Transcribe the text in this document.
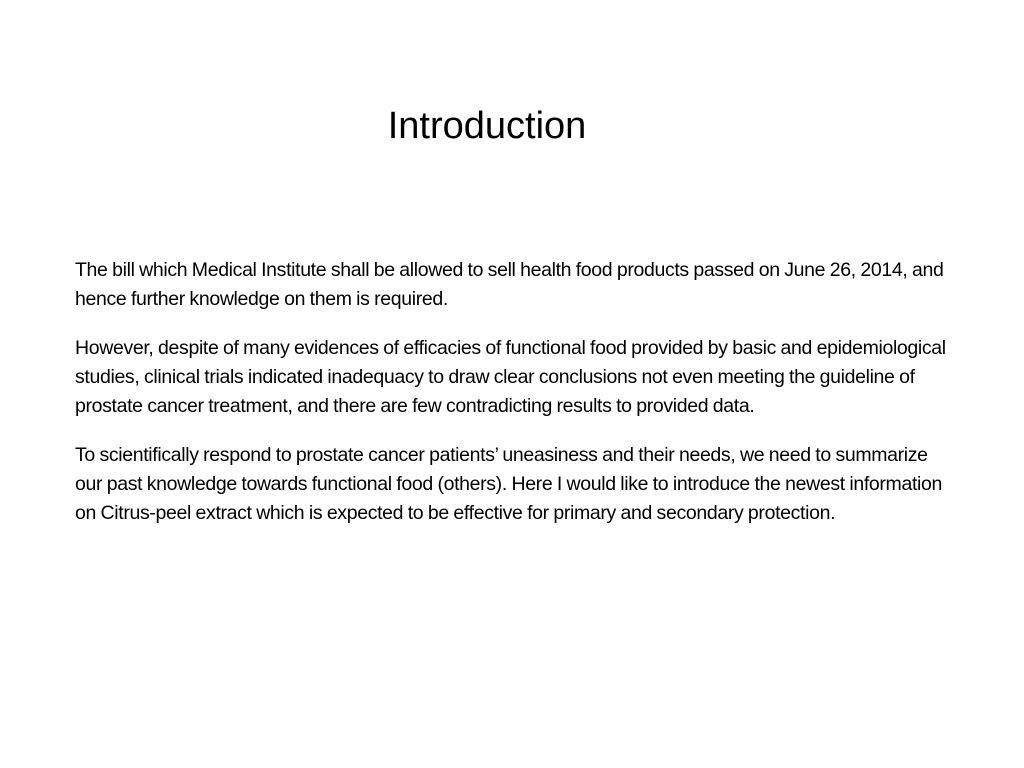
Introduction

The bill which Medical Institute shall be allowed to sell health food products passed on June 26, 2014, and hence further knowledge on them is required.

However, despite of many evidences of efficacies of functional food provided by basic and epidemiological studies, clinical trials indicated inadequacy to draw clear conclusions not even meeting the guideline of prostate cancer treatment, and there are few contradicting results to provided data.

To scientifically respond to prostate cancer patients’ uneasiness and their needs, we need to summarize our past knowledge towards functional food (others). Here I would like to introduce the newest information on Citrus-peel extract which is expected to be effective for primary and secondary protection.
